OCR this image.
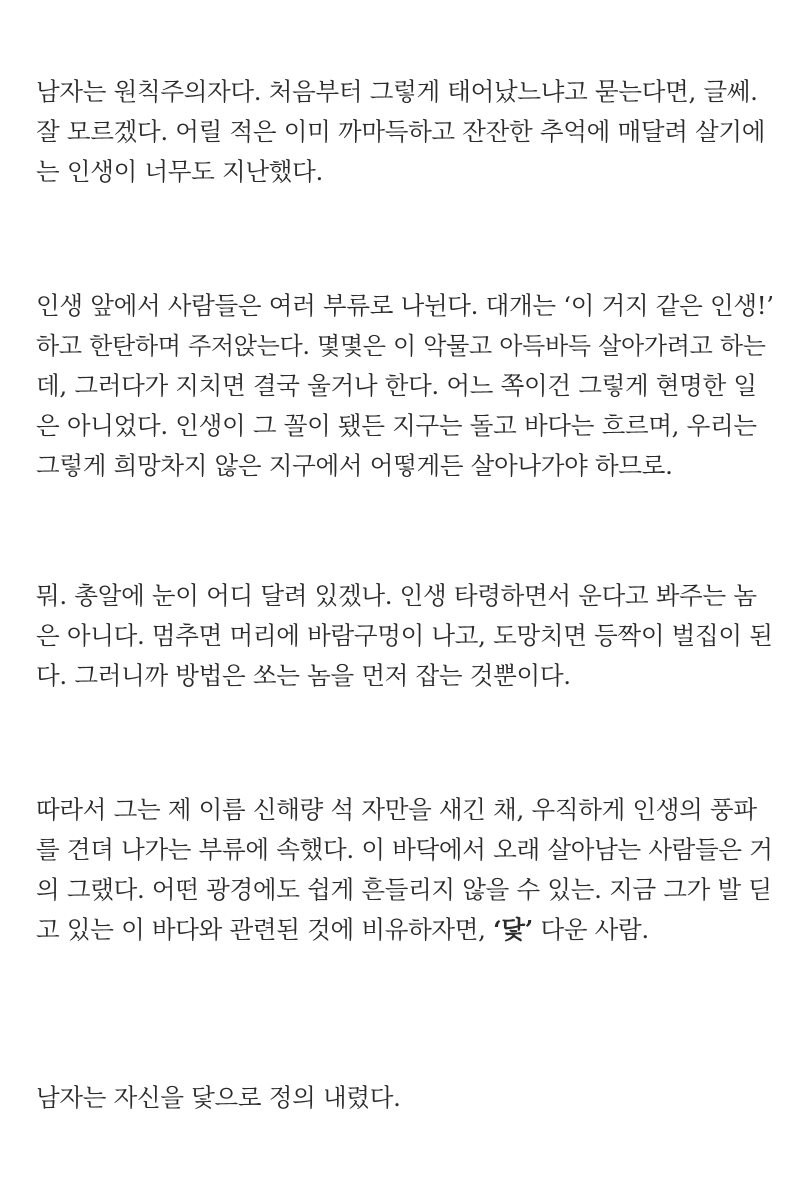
남자는 원칙주의자다. 처음부터 그렇게 태어났느냐고 묻는다면, 글쎄.
잘 모르겠다. 어릴 적은 이미 까마득하고 잔잔한 추억에 매달려 살기에
는 인생이 너무도 지난했다.

인생 앞에서 사람들은 여러 부류로 나뉜다. 대개는 ‘이 거지 같은 인생!’
하고 한탄하며 주저앉는다. 몇몇은 이 악물고 아득바득 살아가려고 하는
데, 그러다가 지치면 결국 울거나 한다. 어느 쪽이건 그렇게 현명한 일
은 아니었다. 인생이 그 꼴이 됐든 지구는 돌고 바다는 흐르며, 우리는
그렇게 희망차지 않은 지구에서 어떻게든 살아나가야 하므로.

뭐. 총알에 눈이 어디 달려 있겠나. 인생 타령하면서 운다고 봐주는 놈
은 아니다. 멈추면 머리에 바람구멍이 나고, 도망치면 등짝이 벌집이 된
다. 그러니까 방법은 쏘는 놈을 먼저 잡는 것뿐이다.

따라서 그는 제 이름 신해량 석 자만을 새긴 채, 우직하게 인생의 풍파
를 견뎌 나가는 부류에 속했다. 이 바닥에서 오래 살아남는 사람들은 거
의 그랬다. 어떤 광경에도 쉽게 흔들리지 않을 수 있는. 지금 그가 발 딛
고 있는 이 바다와 관련된 것에 비유하자면, ‘닻’ 다운 사람.

남자는 자신을 닻으로 정의 내렸다.
